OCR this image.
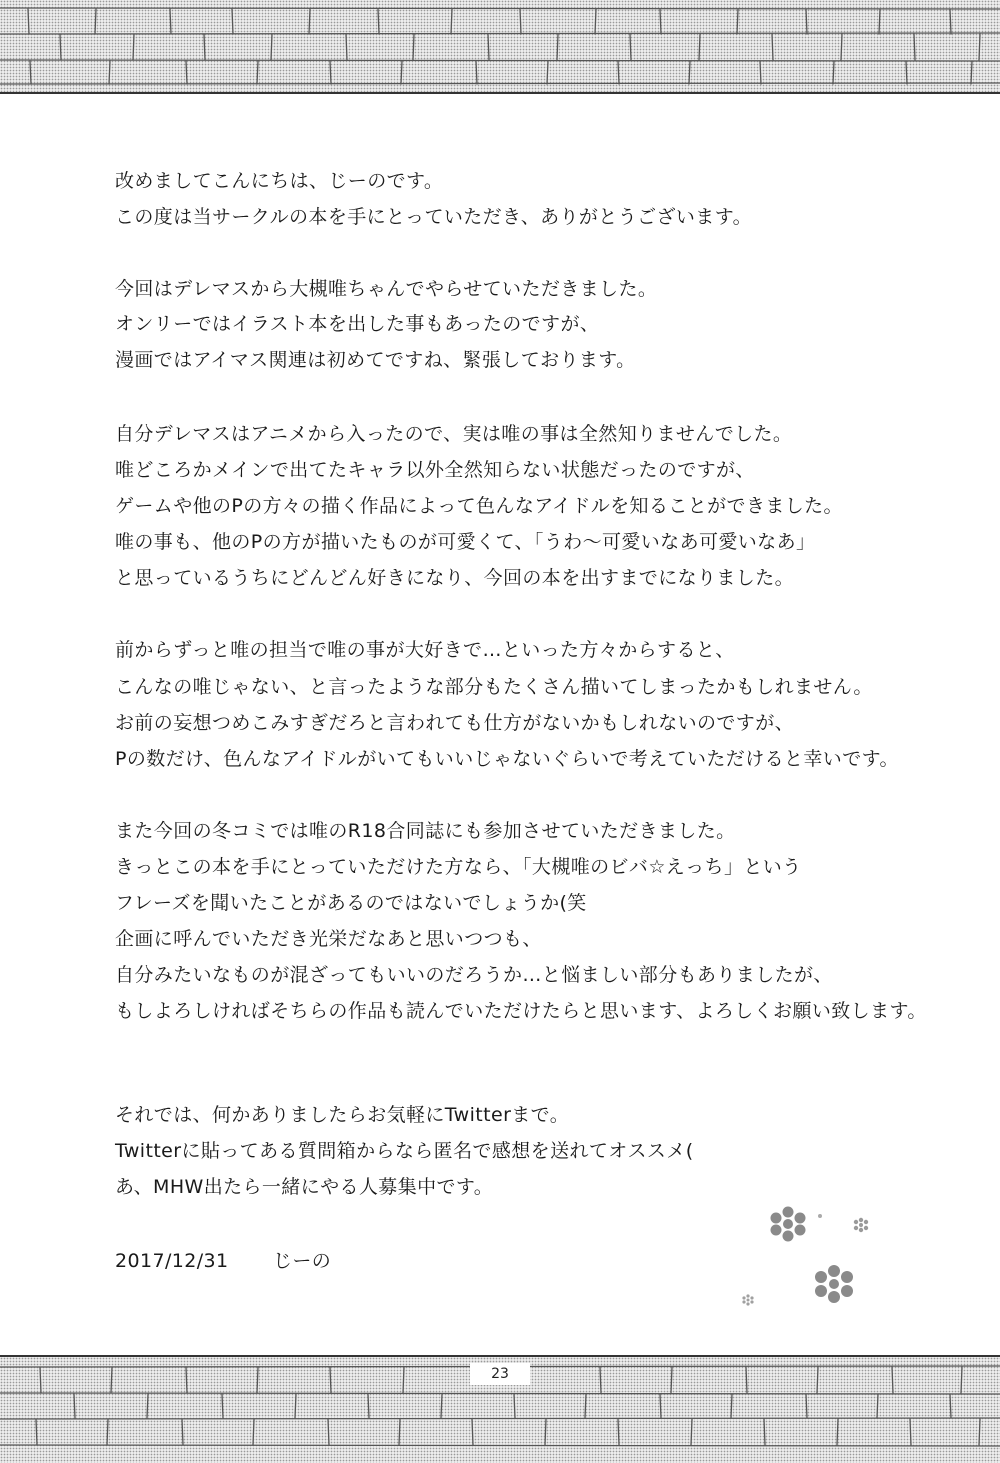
改めましてこんにちは、じーのです。
この度は当サークルの本を手にとっていただき、ありがとうございます。
今回はデレマスから大槻唯ちゃんでやらせていただきました。
オンリーではイラスト本を出した事もあったのですが、
漫画ではアイマス関連は初めてですね、緊張しております。
自分デレマスはアニメから入ったので、実は唯の事は全然知りませんでした。
唯どころかメインで出てたキャラ以外全然知らない状態だったのですが、
ゲームや他のPの方々の描く作品によって色んなアイドルを知ることができました。
唯の事も、他のPの方が描いたものが可愛くて、「うわ～可愛いなあ可愛いなあ」
と思っているうちにどんどん好きになり、今回の本を出すまでになりました。
前からずっと唯の担当で唯の事が大好きで…といった方々からすると、
こんなの唯じゃない、と言ったような部分もたくさん描いてしまったかもしれません。
お前の妄想つめこみすぎだろと言われても仕方がないかもしれないのですが、
Pの数だけ、色んなアイドルがいてもいいじゃないぐらいで考えていただけると幸いです。
また今回の冬コミでは唯のR18合同誌にも参加させていただきました。
きっとこの本を手にとっていただけた方なら、「大槻唯のビバ☆えっち」という
フレーズを聞いたことがあるのではないでしょうか(笑
企画に呼んでいただき光栄だなあと思いつつも、
自分みたいなものが混ざってもいいのだろうか…と悩ましい部分もありましたが、
もしよろしければそちらの作品も読んでいただけたらと思います、よろしくお願い致します。
それでは、何かありましたらお気軽にTwitterまで。
Twitterに貼ってある質問箱からなら匿名で感想を送れてオススメ(
あ、MHW出たら一緒にやる人募集中です。
2017/12/31 じーの
23
